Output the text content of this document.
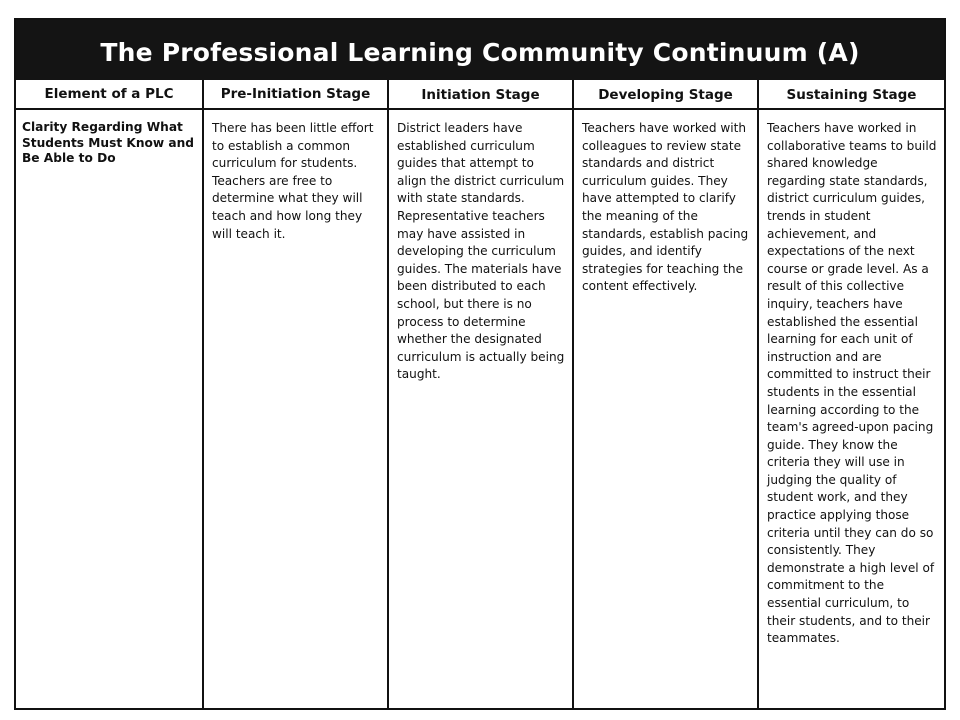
The Professional Learning Community Continuum (A)
Element of a PLC
Clarity Regarding What Students Must Know and Be Able to Do
Pre-Initiation Stage
There has been little effort to establish a common curriculum for students. Teachers are free to determine what they will teach and how long they will teach it.
Initiation Stage
District leaders have established curriculum guides that attempt to align the district curriculum with state standards. Representative teachers may have assisted in developing the curriculum guides. The materials have been distributed to each school, but there is no process to determine whether the designated curriculum is actually being taught.
Developing Stage
Teachers have worked with colleagues to review state standards and district curriculum guides. They have attempted to clarify the meaning of the standards, establish pacing guides, and identify strategies for teaching the content effectively.
Sustaining Stage
Teachers have worked in collaborative teams to build shared knowledge regarding state standards, district curriculum guides, trends in student achievement, and expectations of the next course or grade level. As a result of this collective inquiry, teachers have established the essential learning for each unit of instruction and are committed to instruct their students in the essential learning according to the team's agreed-upon pacing guide. They know the criteria they will use in judging the quality of student work, and they practice applying those criteria until they can do so consistently. They demonstrate a high level of commitment to the essential curriculum, to their students, and to their teammates.
